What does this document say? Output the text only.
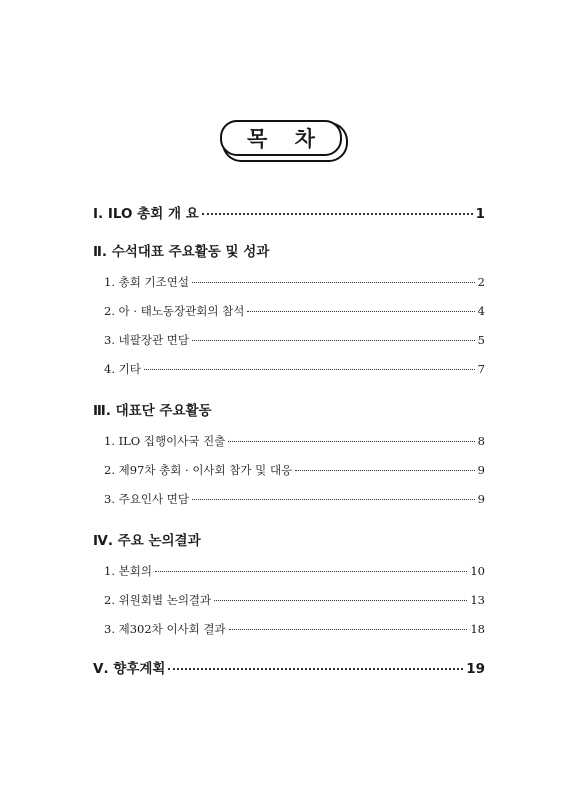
목 차
Ⅰ. ILO 총회 개 요	1
Ⅱ. 수석대표 주요활동 및 성과
1. 총회 기조연설	2
2. 아 · 태노동장관회의 참석	4
3. 네팔장관 면담	5
4. 기타	7
Ⅲ. 대표단 주요활동
1. ILO 집행이사국 진출	8
2. 제97차 총회 · 이사회 참가 및 대응	9
3. 주요인사 면담	9
Ⅳ. 주요 논의결과
1. 본회의	10
2. 위원회별 논의결과	13
3. 제302차 이사회 결과	18
Ⅴ. 향후계획	19
